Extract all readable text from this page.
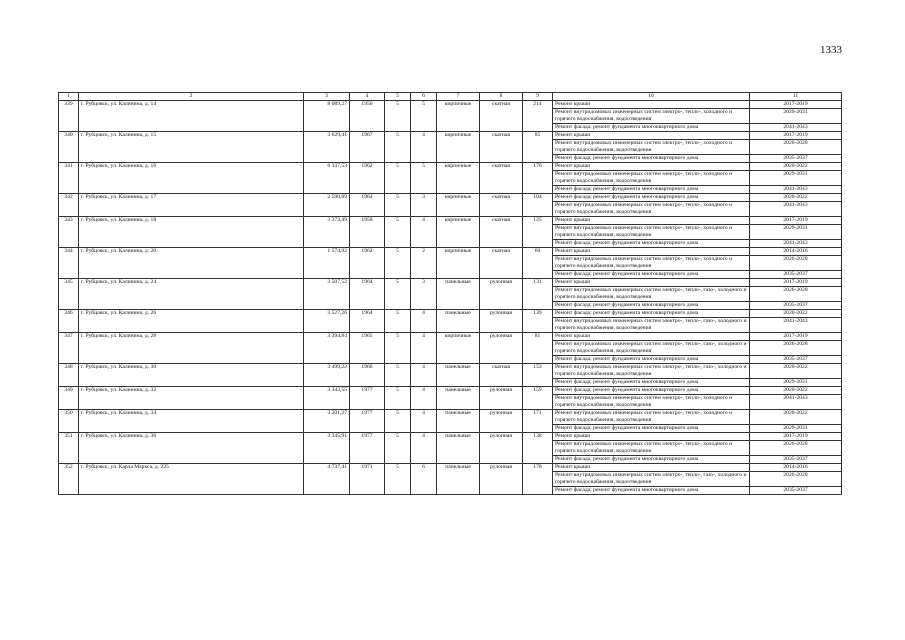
1333
1	2	3	4	5	6	7	8	9	10	11
339	г. Рубцовск, ул. Калинина, д. 14	8 089,27	1956	5	5	кирпичные	скатная	214	Ремонт крыши	2017-2019
									Ремонт внутридомовых инженерных систем электро-, тепло-, холодного и горячего водоснабжения, водоотведения	2029-2031
									Ремонт фасада; ремонт фундамента многоквартирного дома	2041-2043
340	г. Рубцовск, ул. Калинина, д. 15	3 629,41	1967	5	4	кирпичные	скатная	85	Ремонт крыши	2017-2019
									Ремонт внутридомовых инженерных систем электро-, тепло-, холодного и горячего водоснабжения, водоотведения	2026-2028
									Ремонт фасада; ремонт фундамента многоквартирного дома	2035-2037
341	г. Рубцовск, ул. Калинина, д. 16	6 337,53	1962	5	5	кирпичные	скатная	170	Ремонт крыши	2020-2022
									Ремонт внутридомовых инженерных систем электро-, тепло-, холодного и горячего водоснабжения, водоотведения	2029-2031
									Ремонт фасада; ремонт фундамента многоквартирного дома	2041-2043
342	г. Рубцовск, ул. Калинина, д. 17	2 590,89	1964	5	3	кирпичные	скатная	104	Ремонт фасада; ремонт фундамента многоквартирного дома	2020-2022
									Ремонт внутридомовых инженерных систем электро-, тепло-, холодного и горячего водоснабжения, водоотведения	2041-2043
343	г. Рубцовск, ул. Калинина, д. 18	3 373,49	1958	5	4	кирпичные	скатная	125	Ремонт крыши	2017-2019
									Ремонт внутридомовых инженерных систем электро-, тепло-, холодного и горячего водоснабжения, водоотведения	2029-2031
									Ремонт фасада; ремонт фундамента многоквартирного дома	2041-2043
344	г. Рубцовск, ул. Калинина, д. 20	1 574,92	1962	5	2	кирпичные	скатная	60	Ремонт крыши	2014-2016
									Ремонт внутридомовых инженерных систем электро-, тепло-, холодного и горячего водоснабжения, водоотведения	2026-2028
									Ремонт фасада; ремонт фундамента многоквартирного дома	2035-2037
345	г. Рубцовск, ул. Калинина, д. 24	3 507,52	1964	5	3	панельные	рулонная	131	Ремонт крыши	2017-2019
									Ремонт внутридомовых инженерных систем электро-, тепло-, газо-, холодного и горячего водоснабжения, водоотведения	2026-2028
									Ремонт фасада; ремонт фундамента многоквартирного дома	2035-2037
346	г. Рубцовск, ул. Калинина, д. 26	3 527,26	1964	5	4	панельные	рулонная	139	Ремонт фасада; ремонт фундамента многоквартирного дома	2020-2022
									Ремонт внутридомовых инженерных систем электро-, тепло-, газо-, холодного и горячего водоснабжения, водоотведения	2041-2043
347	г. Рубцовск, ул. Калинина, д. 28	3 394,84	1965	5	4	кирпичные	рулонная	81	Ремонт крыши	2017-2019
									Ремонт внутридомовых инженерных систем электро-, тепло-, газо-, холодного и горячего водоснабжения, водоотведения	2026-2028
									Ремонт фасада; ремонт фундамента многоквартирного дома	2035-2037
348	г. Рубцовск, ул. Калинина, д. 30	3 499,22	1966	5	4	панельные	скатная	153	Ремонт внутридомовых инженерных систем электро-, тепло-, газо-, холодного и горячего водоснабжения, водоотведения	2020-2022
									Ремонт фасада; ремонт фундамента многоквартирного дома	2029-2031
349	г. Рубцовск, ул. Калинина, д. 32	3 342,55	1977	5	4	панельные	рулонная	159	Ремонт фасада; ремонт фундамента многоквартирного дома	2020-2022
									Ремонт внутридомовых инженерных систем электро-, тепло-, холодного и горячего водоснабжения, водоотведения	2041-2043
350	г. Рубцовск, ул. Калинина, д. 34	3 201,27	1977	5	4	панельные	рулонная	171	Ремонт внутридомовых инженерных систем электро-, тепло-, холодного и горячего водоснабжения, водоотведения	2020-2022
									Ремонт фасада; ремонт фундамента многоквартирного дома	2029-2031
351	г. Рубцовск, ул. Калинина, д. 36	3 345,91	1977	5	4	панельные	рулонная	138	Ремонт крыши	2017-2019
									Ремонт внутридомовых инженерных систем электро-, тепло-, холодного и горячего водоснабжения, водоотведения	2026-2028
									Ремонт фасада; ремонт фундамента многоквартирного дома	2035-2037
352	г. Рубцовск, ул. Карла Маркса, д. 225	4 737,41	1971	5	6	панельные	рулонная	178	Ремонт крыши	2014-2016
									Ремонт внутридомовых инженерных систем электро-, тепло-, газо-, холодного и горячего водоснабжения, водоотведения	2026-2028
									Ремонт фасада; ремонт фундамента многоквартирного дома	2035-2037
